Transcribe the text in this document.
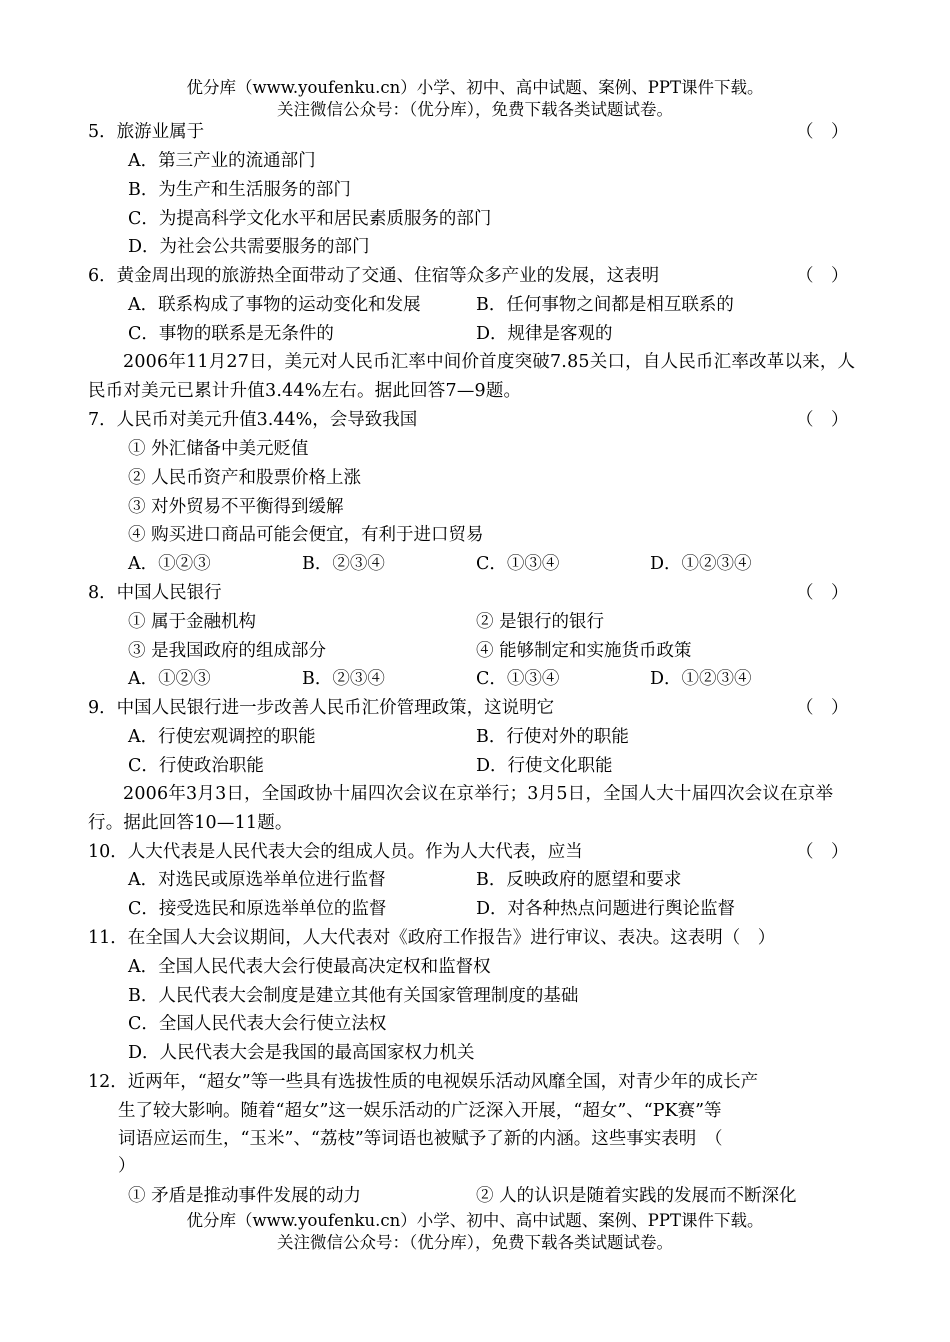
优分库（www.youfenku.cn）小学、初中、高中试题、案例、PPT课件下载。
关注微信公众号：（优分库），免费下载各类试题试卷。
5．旅游业属于	（　）
A．第三产业的流通部门
B．为生产和生活服务的部门
C．为提高科学文化水平和居民素质服务的部门
D．为社会公共需要服务的部门
6．黄金周出现的旅游热全面带动了交通、住宿等众多产业的发展，这表明	（　）
A．联系构成了事物的运动变化和发展	B．任何事物之间都是相互联系的
C．事物的联系是无条件的	D．规律是客观的
2006年11月27日，美元对人民币汇率中间价首度突破7.85关口，自人民币汇率改革以来，人民币对美元已累计升值3.44%左右。据此回答7—9题。
7．人民币对美元升值3.44%，会导致我国	（　）
① 外汇储备中美元贬值
② 人民币资产和股票价格上涨
③ 对外贸易不平衡得到缓解
④ 购买进口商品可能会便宜，有利于进口贸易
A．①②③	B．②③④	C．①③④	D．①②③④
8．中国人民银行	（　）
① 属于金融机构	② 是银行的银行
③ 是我国政府的组成部分	④ 能够制定和实施货币政策
A．①②③	B．②③④	C．①③④	D．①②③④
9．中国人民银行进一步改善人民币汇价管理政策，这说明它	（　）
A．行使宏观调控的职能	B．行使对外的职能
C．行使政治职能	D．行使文化职能
2006年3月3日，全国政协十届四次会议在京举行；3月5日，全国人大十届四次会议在京举行。据此回答10—11题。
10．人大代表是人民代表大会的组成人员。作为人大代表，应当	（　）
A．对选民或原选举单位进行监督	B．反映政府的愿望和要求
C．接受选民和原选举单位的监督	D．对各种热点问题进行舆论监督
11．在全国人大会议期间，人大代表对《政府工作报告》进行审议、表决。这表明（　）
A．全国人民代表大会行使最高决定权和监督权
B．人民代表大会制度是建立其他有关国家管理制度的基础
C．全国人民代表大会行使立法权
D．人民代表大会是我国的最高国家权力机关
12．近两年，“超女”等一些具有选拔性质的电视娱乐活动风靡全国，对青少年的成长产
生了较大影响。随着“超女”这一娱乐活动的广泛深入开展，“超女”、“PK赛”等
词语应运而生，“玉米”、“荔枝”等词语也被赋予了新的内涵。这些事实表明　（
）
① 矛盾是推动事件发展的动力	② 人的认识是随着实践的发展而不断深化
优分库（www.youfenku.cn）小学、初中、高中试题、案例、PPT课件下载。
关注微信公众号：（优分库），免费下载各类试题试卷。
